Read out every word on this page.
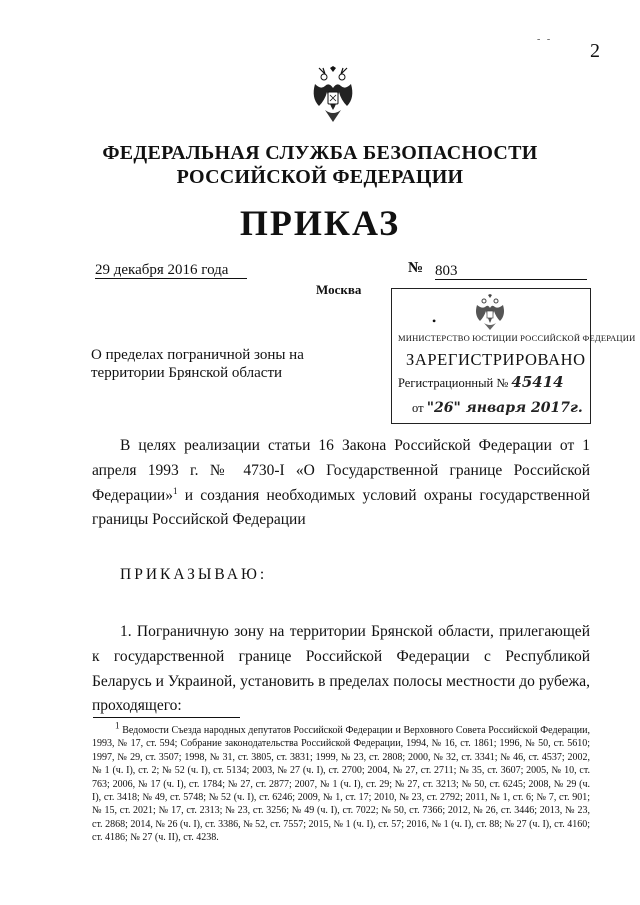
- -
2
ФЕДЕРАЛЬНАЯ СЛУЖБА БЕЗОПАСНОСТИ
РОССИЙСКОЙ ФЕДЕРАЦИИ
ПРИКАЗ
29 декабря 2016 года	№ 803
Москва
•
МИНИСТЕРСТВО ЮСТИЦИИ РОССИЙСКОЙ ФЕДЕРАЦИИ
ЗАРЕГИСТРИРОВАНО
Регистрационный № 45414
от "26" января 2017г.
О пределах пограничной зоны на территории Брянской области
В целях реализации статьи 16 Закона Российской Федерации от 1 апреля 1993 г. № 4730-I «О Государственной границе Российской Федерации»$^1$ и создания необходимых условий охраны государственной границы Российской Федерации
ПРИКАЗЫВАЮ:
1. Пограничную зону на территории Брянской области, прилегающей к государственной границе Российской Федерации с Республикой Беларусь и Украиной, установить в пределах полосы местности до рубежа, проходящего:
$^1$ Ведомости Съезда народных депутатов Российской Федерации и Верховного Совета Российской Федерации, 1993, № 17, ст. 594; Собрание законодательства Российской Федерации, 1994, № 16, ст. 1861; 1996, № 50, ст. 5610; 1997, № 29, ст. 3507; 1998, № 31, ст. 3805, ст. 3831; 1999, № 23, ст. 2808; 2000, № 32, ст. 3341; № 46, ст. 4537; 2002, № 1 (ч. I), ст. 2; № 52 (ч. I), ст. 5134; 2003, № 27 (ч. I), ст. 2700; 2004, № 27, ст. 2711; № 35, ст. 3607; 2005, № 10, ст. 763; 2006, № 17 (ч. I), ст. 1784; № 27, ст. 2877; 2007, № 1 (ч. I), ст. 29; № 27, ст. 3213; № 50, ст. 6245; 2008, № 29 (ч. I), ст. 3418; № 49, ст. 5748; № 52 (ч. I), ст. 6246; 2009, № 1, ст. 17; 2010, № 23, ст. 2792; 2011, № 1, ст. 6; № 7, ст. 901; № 15, ст. 2021; № 17, ст. 2313; № 23, ст. 3256; № 49 (ч. I), ст. 7022; № 50, ст. 7366; 2012, № 26, ст. 3446; 2013, № 23, ст. 2868; 2014, № 26 (ч. I), ст. 3386, № 52, ст. 7557; 2015, № 1 (ч. I), ст. 57; 2016, № 1 (ч. I), ст. 88; № 27 (ч. I), ст. 4160; ст. 4186; № 27 (ч. II), ст. 4238.
